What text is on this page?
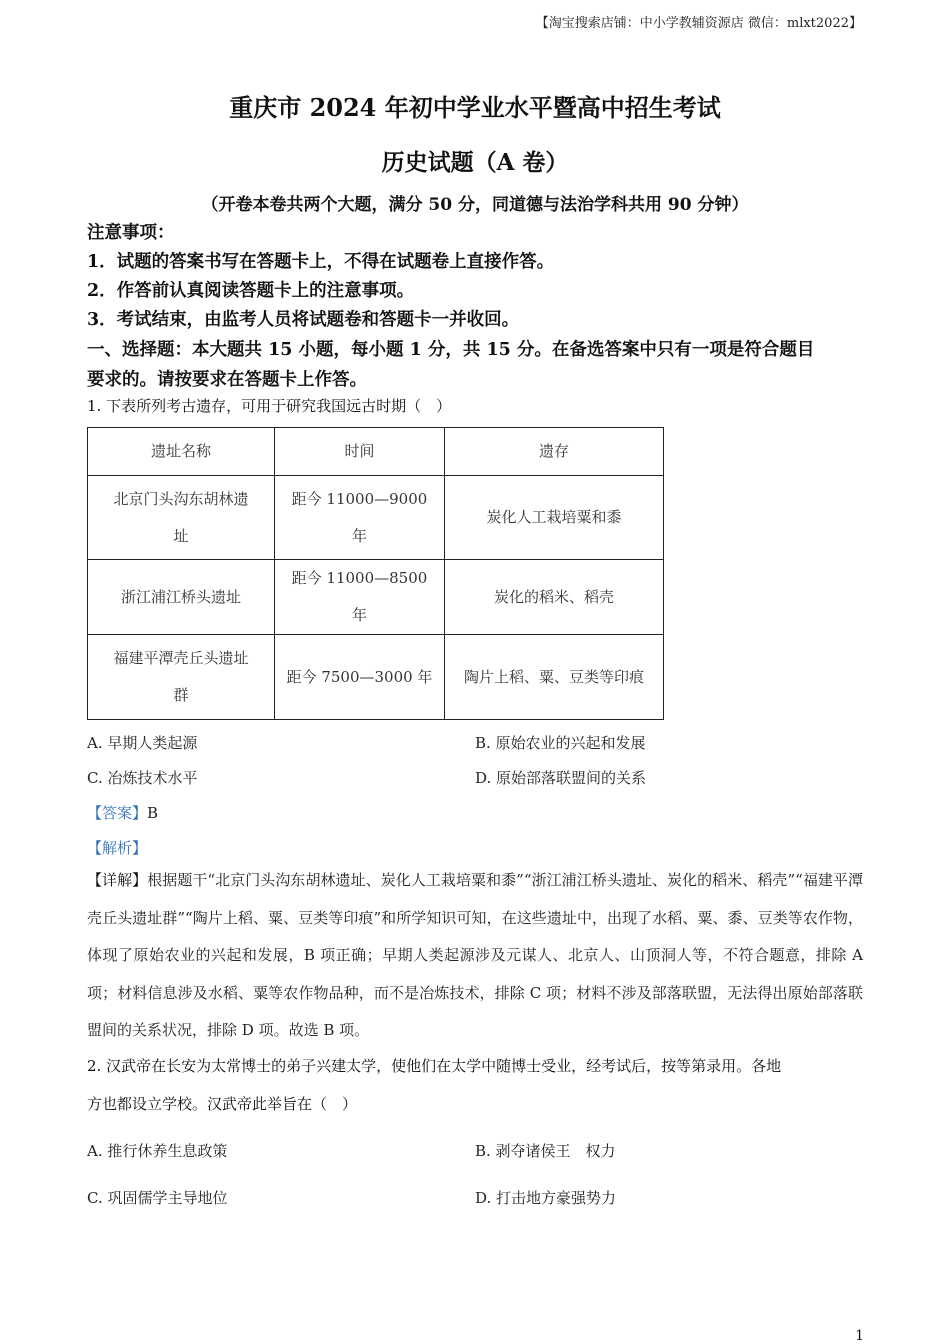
【淘宝搜索店铺：中小学教辅资源店 微信：mlxt2022】
重庆市 2024 年初中学业水平暨高中招生考试
历史试题（A 卷）
（开卷本卷共两个大题，满分 50 分，同道德与法治学科共用 90 分钟）
注意事项：
1．试题的答案书写在答题卡上，不得在试题卷上直接作答。
2．作答前认真阅读答题卡上的注意事项。
3．考试结束，由监考人员将试题卷和答题卡一并收回。
一、选择题：本大题共 15 小题，每小题 1 分，共 15 分。在备选答案中只有一项是符合题目
要求的。请按要求在答题卡上作答。
1. 下表所列考古遗存，可用于研究我国远古时期（　）
遗址名称	时间	遗存
北京门头沟东胡林遗
址	距今 11000—9000 年	炭化人工栽培粟和黍
浙江浦江桥头遗址	距今 11000—8500 年	炭化的稻米、稻壳
福建平潭壳丘头遗址
群	距今 7500—3000 年	陶片上稻、粟、豆类等印痕
A. 早期人类起源	B. 原始农业的兴起和发展
C. 冶炼技术水平	D. 原始部落联盟间的关系
【答案】B
【解析】
【详解】根据题干“北京门头沟东胡林遗址、炭化人工栽培粟和黍”“浙江浦江桥头遗址、炭化的稻米、稻壳”“福建平潭壳丘头遗址群”“陶片上稻、粟、豆类等印痕”和所学知识可知，在这些遗址中，出现了水稻、粟、黍、豆类等农作物，体现了原始农业的兴起和发展，B 项正确；早期人类起源涉及元谋人、北京人、山顶洞人等，不符合题意，排除 A 项；材料信息涉及水稻、粟等农作物品种，而不是冶炼技术，排除 C 项；材料不涉及部落联盟，无法得出原始部落联盟间的关系状况，排除 D 项。故选 B 项。
2. 汉武帝在长安为太常博士的弟子兴建太学，使他们在太学中随博士受业，经考试后，按等第录用。各地
方也都设立学校。汉武帝此举旨在（　）
A. 推行休养生息政策	B. 剥夺诸侯王　权力
C. 巩固儒学主导地位	D. 打击地方豪强势力
1
